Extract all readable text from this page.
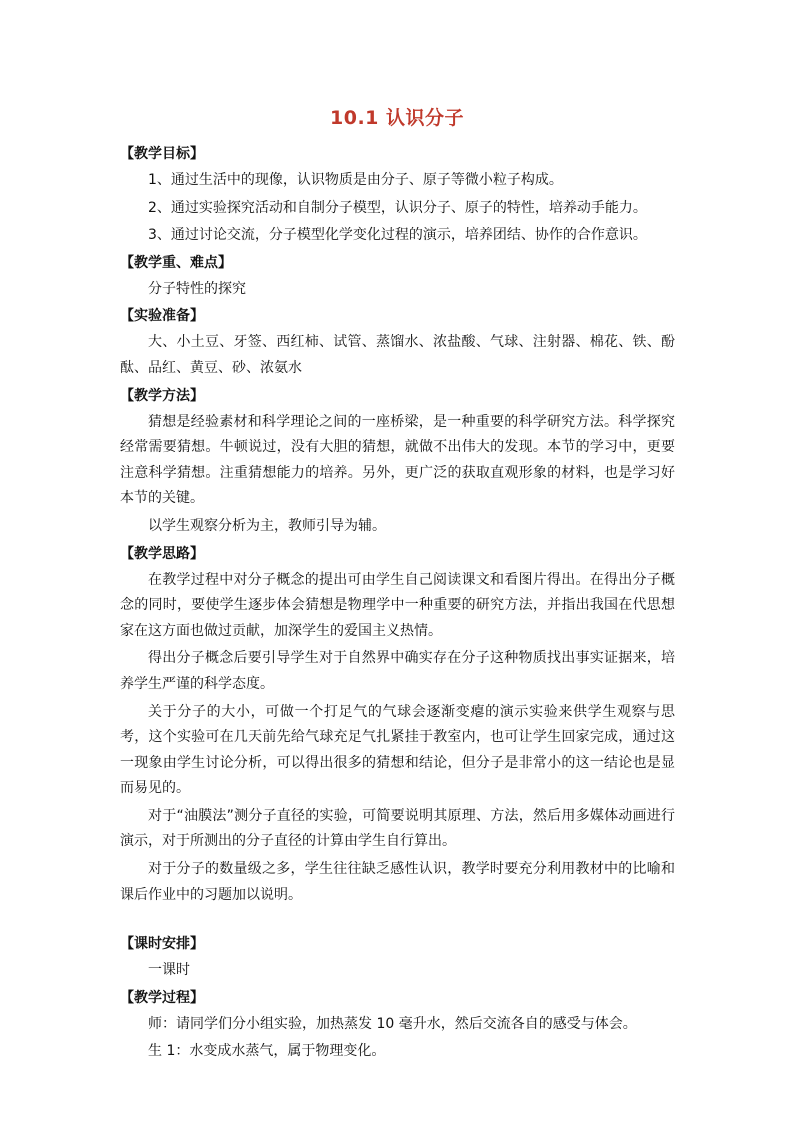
10.1 认识分子
【教学目标】
1、通过生活中的现像，认识物质是由分子、原子等微小粒子构成。
2、通过实验探究活动和自制分子模型，认识分子、原子的特性，培养动手能力。
3、通过讨论交流，分子模型化学变化过程的演示，培养团结、协作的合作意识。
【教学重、难点】
分子特性的探究
【实验准备】
大、小土豆、牙签、西红柿、试管、蒸馏水、浓盐酸、气球、注射器、棉花、铁、酚酞、品红、黄豆、砂、浓氨水
【教学方法】
猜想是经验素材和科学理论之间的一座桥梁，是一种重要的科学研究方法。科学探究经常需要猜想。牛顿说过，没有大胆的猜想，就做不出伟大的发现。本节的学习中，更要注意科学猜想。注重猜想能力的培养。另外，更广泛的获取直观形象的材料，也是学习好本节的关键。
以学生观察分析为主，教师引导为辅。
【教学思路】
在教学过程中对分子概念的提出可由学生自己阅读课文和看图片得出。在得出分子概念的同时，要使学生逐步体会猜想是物理学中一种重要的研究方法，并指出我国在代思想家在这方面也做过贡献，加深学生的爱国主义热情。
得出分子概念后要引导学生对于自然界中确实存在分子这种物质找出事实证据来，培养学生严谨的科学态度。
关于分子的大小，可做一个打足气的气球会逐渐变瘪的演示实验来供学生观察与思考，这个实验可在几天前先给气球充足气扎紧挂于教室内，也可让学生回家完成，通过这一现象由学生讨论分析，可以得出很多的猜想和结论，但分子是非常小的这一结论也是显而易见的。
对于“油膜法”测分子直径的实验，可简要说明其原理、方法，然后用多媒体动画进行演示，对于所测出的分子直径的计算由学生自行算出。
对于分子的数量级之多，学生往往缺乏感性认识，教学时要充分利用教材中的比喻和课后作业中的习题加以说明。
【课时安排】
一课时
【教学过程】
师：请同学们分小组实验，加热蒸发 10 毫升水，然后交流各自的感受与体会。
生 1：水变成水蒸气，属于物理变化。
